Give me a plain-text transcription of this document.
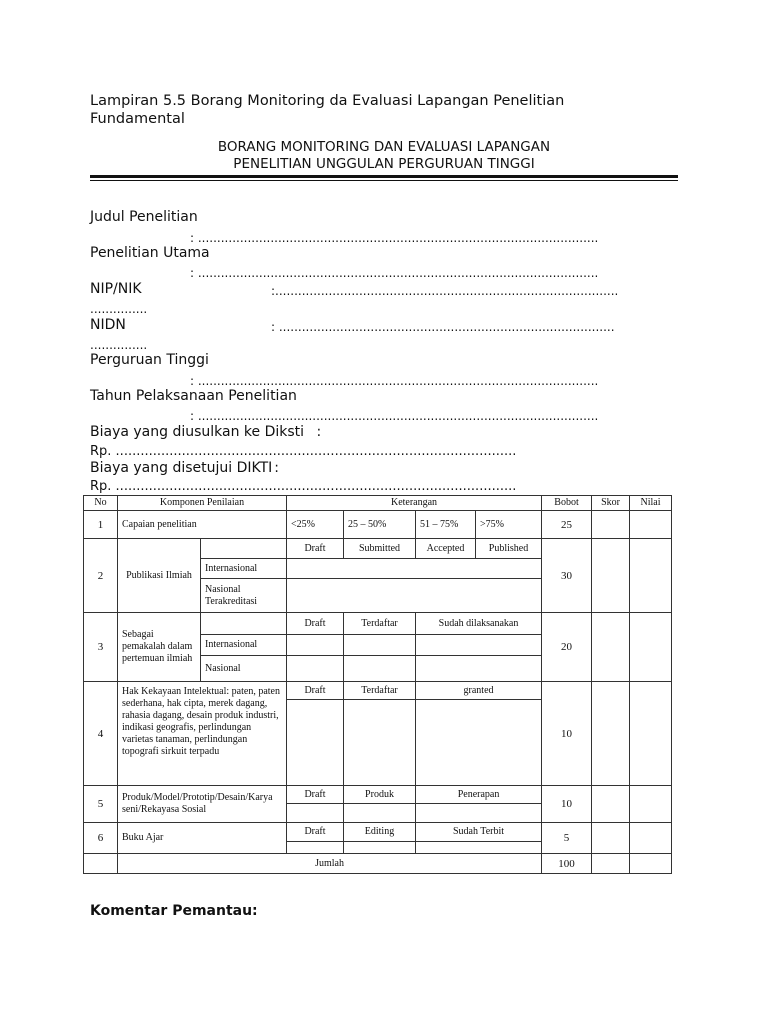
Lampiran 5.5 Borang Monitoring da Evaluasi Lapangan Penelitian Fundamental
BORANG MONITORING DAN EVALUASI LAPANGAN
PENELITIAN UNGGULAN PERGURUAN TINGGI
Judul Penelitian
: .........................................................................................................
Penelitian Utama
: .........................................................................................................
NIP/NIK	:..........................................................................................
...............
NIDN	: ........................................................................................
...............
Perguruan Tinggi
: .........................................................................................................
Tahun Pelaksanaan Penelitian
: .........................................................................................................
Biaya yang diusulkan ke Diksti :
Rp. .................................................................................................
Biaya yang disetujui DIKTI :
Rp. .................................................................................................
No	Komponen Penilaian		Keterangan				Bobot	Skor	Nilai
1	Capaian penelitian		<25%	25 – 50%	51 – 75%	>75%	25		
2	Publikasi Ilmiah		Draft	Submitted	Accepted	Published	30		
		Internasional							
		Nasional Terakreditasi							
3	Sebagai pemakalah dalam pertemuan ilmiah		Draft	Terdaftar	Sudah dilaksanakan		20		
		Internasional							
		Nasional							
4	Hak Kekayaan Intelektual: paten, paten sederhana, hak cipta, merek dagang, rahasia dagang, desain produk industri, indikasi geografis, perlindungan varietas tanaman, perlindungan topografi sirkuit terpadu		Draft	Terdaftar	granted		10		

5	Produk/Model/Prototip/Desain/Karya seni/Rekayasa Sosial		Draft	Produk	Penerapan		10		

6	Buku Ajar		Draft	Editing	Sudah Terbit		5		

	Jumlah						100		
Komentar Pemantau:
